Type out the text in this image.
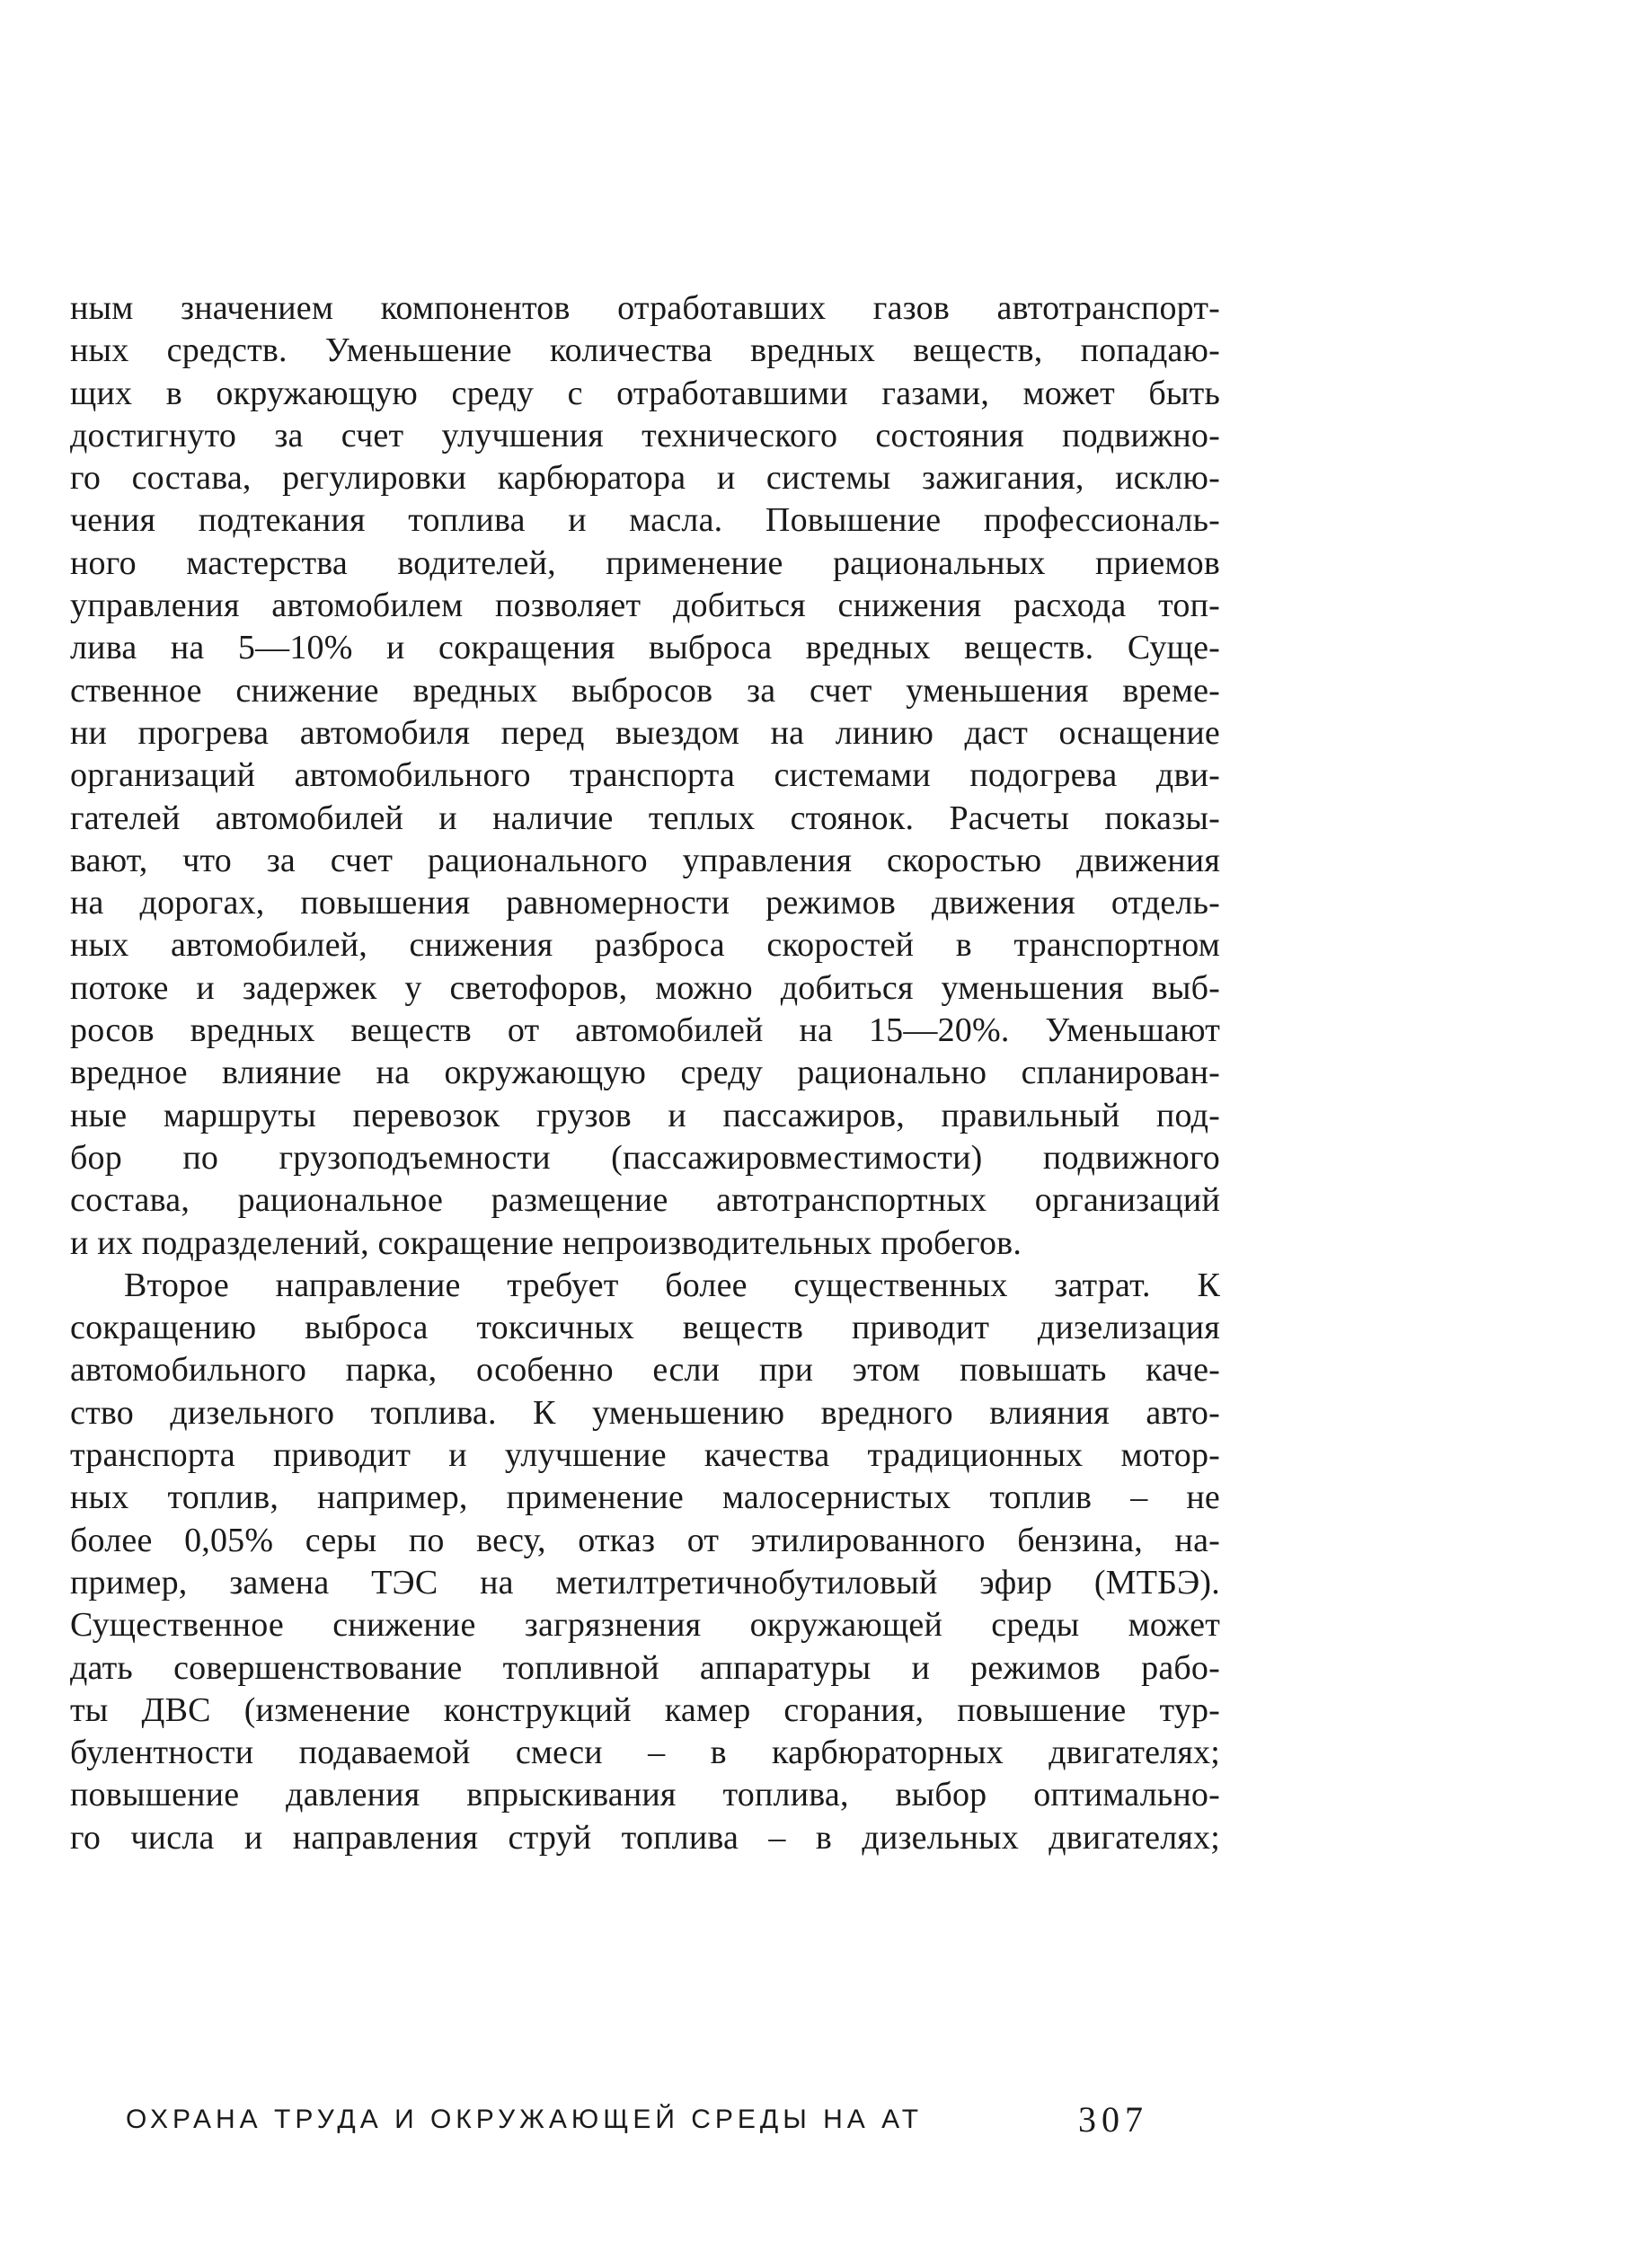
ным значением компонентов отработавших газов автотранспорт-
ных средств. Уменьшение количества вредных веществ, попадаю-
щих в окружающую среду с отработавшими газами, может быть
достигнуто за счет улучшения технического состояния подвижно-
го состава, регулировки карбюратора и системы зажигания, исклю-
чения подтекания топлива и масла. Повышение профессиональ-
ного мастерства водителей, применение рациональных приемов
управления автомобилем позволяет добиться снижения расхода топ-
лива на 5—10% и сокращения выброса вредных веществ. Суще-
ственное снижение вредных выбросов за счет уменьшения време-
ни прогрева автомобиля перед выездом на линию даст оснащение
организаций автомобильного транспорта системами подогрева дви-
гателей автомобилей и наличие теплых стоянок. Расчеты показы-
вают, что за счет рационального управления скоростью движения
на дорогах, повышения равномерности режимов движения отдель-
ных автомобилей, снижения разброса скоростей в транспортном
потоке и задержек у светофоров, можно добиться уменьшения выб-
росов вредных веществ от автомобилей на 15—20%. Уменьшают
вредное влияние на окружающую среду рационально спланирован-
ные маршруты перевозок грузов и пассажиров, правильный под-
бор по грузоподъемности (пассажировместимости) подвижного
состава, рациональное размещение автотранспортных организаций
и их подразделений, сокращение непроизводительных пробегов.
Второе направление требует более существенных затрат. К
сокращению выброса токсичных веществ приводит дизелизация
автомобильного парка, особенно если при этом повышать каче-
ство дизельного топлива. К уменьшению вредного влияния авто-
транспорта приводит и улучшение качества традиционных мотор-
ных топлив, например, применение малосернистых топлив – не
более 0,05% серы по весу, отказ от этилированного бензина, на-
пример, замена ТЭС на метилтретичнобутиловый эфир (МТБЭ).
Существенное снижение загрязнения окружающей среды может
дать совершенствование топливной аппаратуры и режимов рабо-
ты ДВС (изменение конструкций камер сгорания, повышение тур-
булентности подаваемой смеси – в карбюраторных двигателях;
повышение давления впрыскивания топлива, выбор оптимально-
го числа и направления струй топлива – в дизельных двигателях;
ОХРАНА ТРУДА И ОКРУЖАЮЩЕЙ СРЕДЫ НА АТ	307
